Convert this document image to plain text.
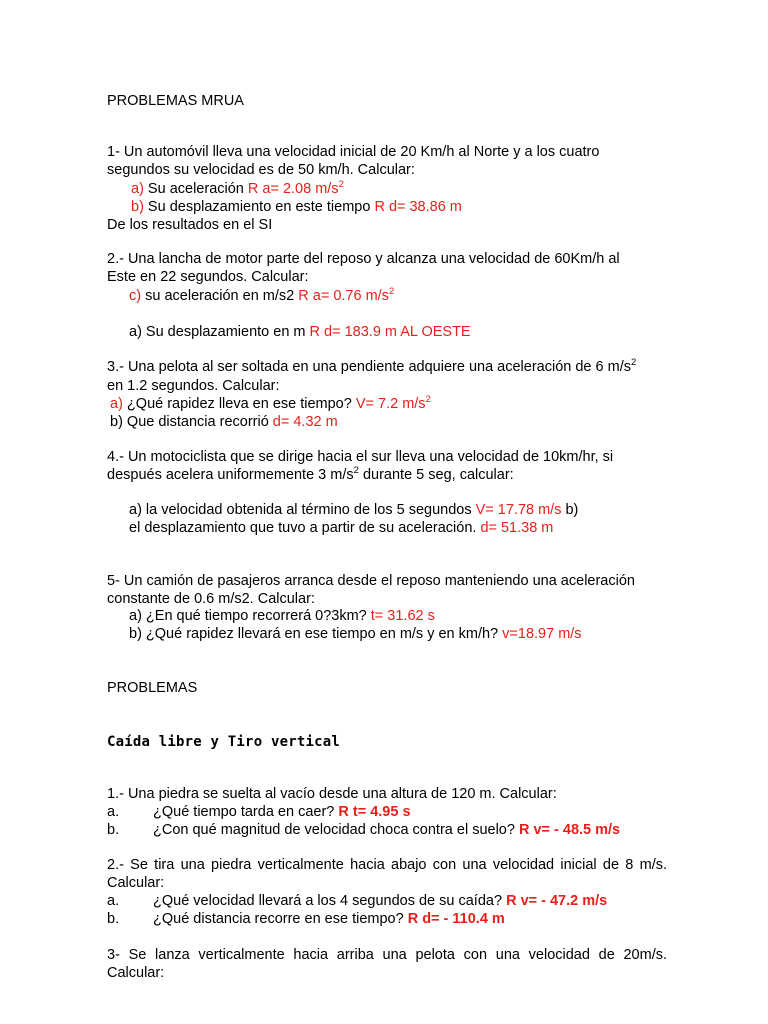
PROBLEMAS MRUA
1- Un automóvil lleva una velocidad inicial de 20 Km/h al Norte y a los cuatro
segundos su velocidad es de 50 km/h. Calcular:
a) Su aceleración R a= 2.08 $m/s^2$
b) Su desplazamiento en este tiempo R d= 38.86 m
De los resultados en el SI
2.- Una lancha de motor parte del reposo y alcanza una velocidad de 60Km/h al
Este en 22 segundos. Calcular:
c) su aceleración en m/s2 R a= 0.76 $m/s^2$
a) Su desplazamiento en m R d= 183.9 m AL OESTE
3.- Una pelota al ser soltada en una pendiente adquiere una aceleración de 6 $m/s^2$
en 1.2 segundos. Calcular:
a) ¿Qué rapidez lleva en ese tiempo? V= 7.2 $m/s^2$
b) Que distancia recorrió d= 4.32 m
4.- Un motociclista que se dirige hacia el sur lleva una velocidad de 10km/hr, si
después acelera uniformemente 3 $m/s^2$ durante 5 seg, calcular:
a) la velocidad obtenida al término de los 5 segundos V= 17.78 m/s b)
el desplazamiento que tuvo a partir de su aceleración. d= 51.38 m
5- Un camión de pasajeros arranca desde el reposo manteniendo una aceleración
constante de 0.6 m/s2. Calcular:
a) ¿En qué tiempo recorrerá 0?3km? t= 31.62 s
b) ¿Qué rapidez llevará en ese tiempo en m/s y en km/h? v=18.97 m/s
PROBLEMAS
Caída libre y Tiro vertical
1.- Una piedra se suelta al vacío desde una altura de 120 m. Calcular:
a. ¿Qué tiempo tarda en caer? R t= 4.95 s
b. ¿Con qué magnitud de velocidad choca contra el suelo? R v= - 48.5 m/s
2.- Se tira una piedra verticalmente hacia abajo con una velocidad inicial de 8 m/s.
Calcular:
a. ¿Qué velocidad llevará a los 4 segundos de su caída? R v= - 47.2 m/s
b. ¿Qué distancia recorre en ese tiempo? R d= - 110.4 m
3- Se lanza verticalmente hacia arriba una pelota con una velocidad de 20m/s.
Calcular:
